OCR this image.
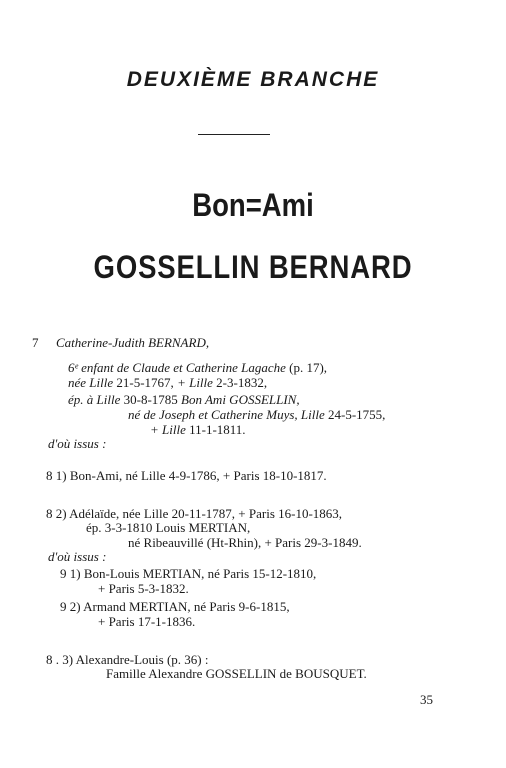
DEUXIÈME BRANCHE
Bon=Ami
GOSSELLIN BERNARD
7 Catherine-Judith BERNARD,
6ᵉ enfant de Claude et Catherine Lagache (p. 17),
née Lille 21-5-1767, + Lille 2-3-1832,
ép. à Lille 30-8-1785 Bon Ami GOSSELLIN,
né de Joseph et Catherine Muys, Lille 24-5-1755,
+ Lille 11-1-1811.
d'où issus :
8 1) Bon-Ami, né Lille 4-9-1786, + Paris 18-10-1817.
8 2) Adélaïde, née Lille 20-11-1787, + Paris 16-10-1863,
ép. 3-3-1810 Louis MERTIAN,
né Ribeauvillé (Ht-Rhin), + Paris 29-3-1849.
d'où issus :
9 1) Bon-Louis MERTIAN, né Paris 15-12-1810,
+ Paris 5-3-1832.
9 2) Armand MERTIAN, né Paris 9-6-1815,
+ Paris 17-1-1836.
8 . 3) Alexandre-Louis (p. 36) :
Famille Alexandre GOSSELLIN de BOUSQUET.
35
